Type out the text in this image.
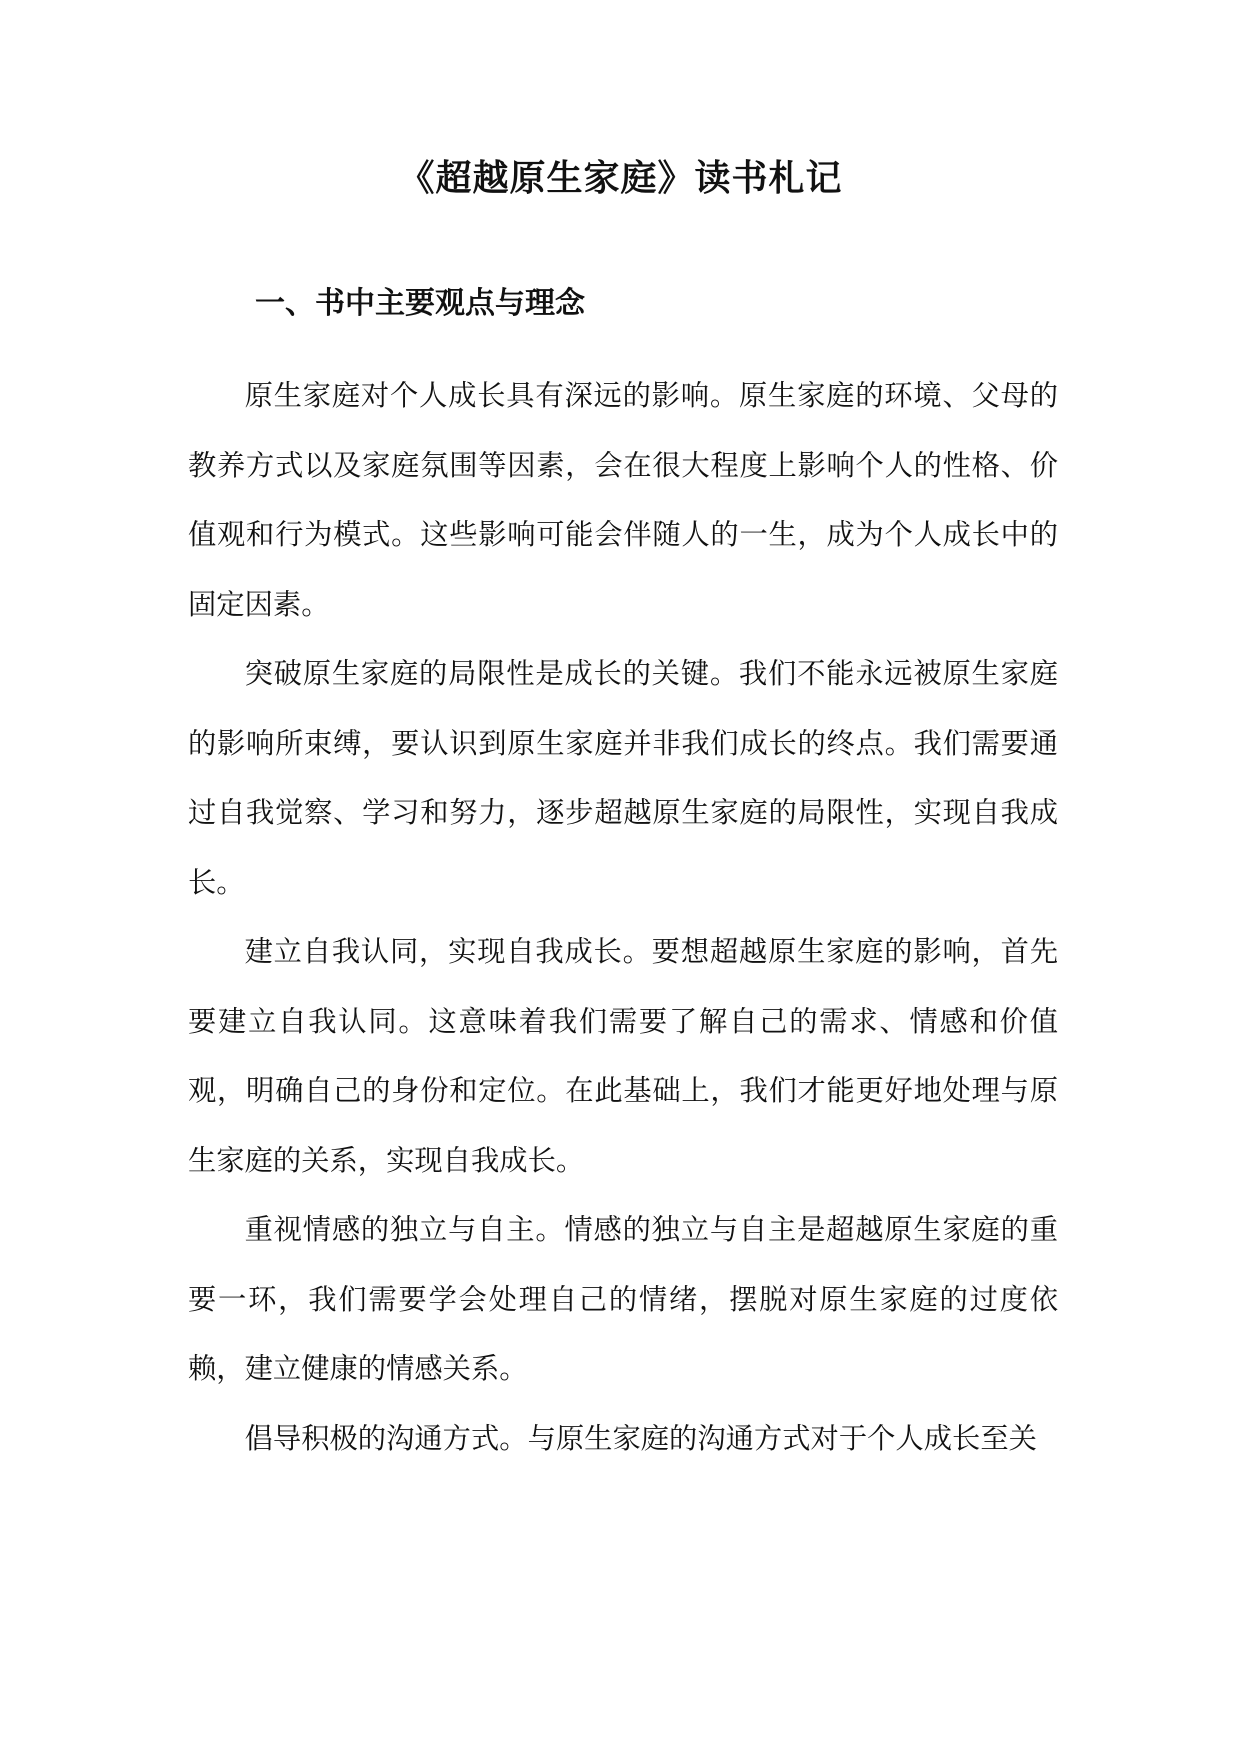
《超越原生家庭》读书札记
一、书中主要观点与理念

原生家庭对个人成长具有深远的影响。原生家庭的环境、父母的教养方式以及家庭氛围等因素，会在很大程度上影响个人的性格、价值观和行为模式。这些影响可能会伴随人的一生，成为个人成长中的固定因素。

突破原生家庭的局限性是成长的关键。我们不能永远被原生家庭的影响所束缚，要认识到原生家庭并非我们成长的终点。我们需要通过自我觉察、学习和努力，逐步超越原生家庭的局限性，实现自我成长。

建立自我认同，实现自我成长。要想超越原生家庭的影响，首先要建立自我认同。这意味着我们需要了解自己的需求、情感和价值观，明确自己的身份和定位。在此基础上，我们才能更好地处理与原生家庭的关系，实现自我成长。

重视情感的独立与自主。情感的独立与自主是超越原生家庭的重要一环，我们需要学会处理自己的情绪，摆脱对原生家庭的过度依赖，建立健康的情感关系。

倡导积极的沟通方式。与原生家庭的沟通方式对于个人成长至关
